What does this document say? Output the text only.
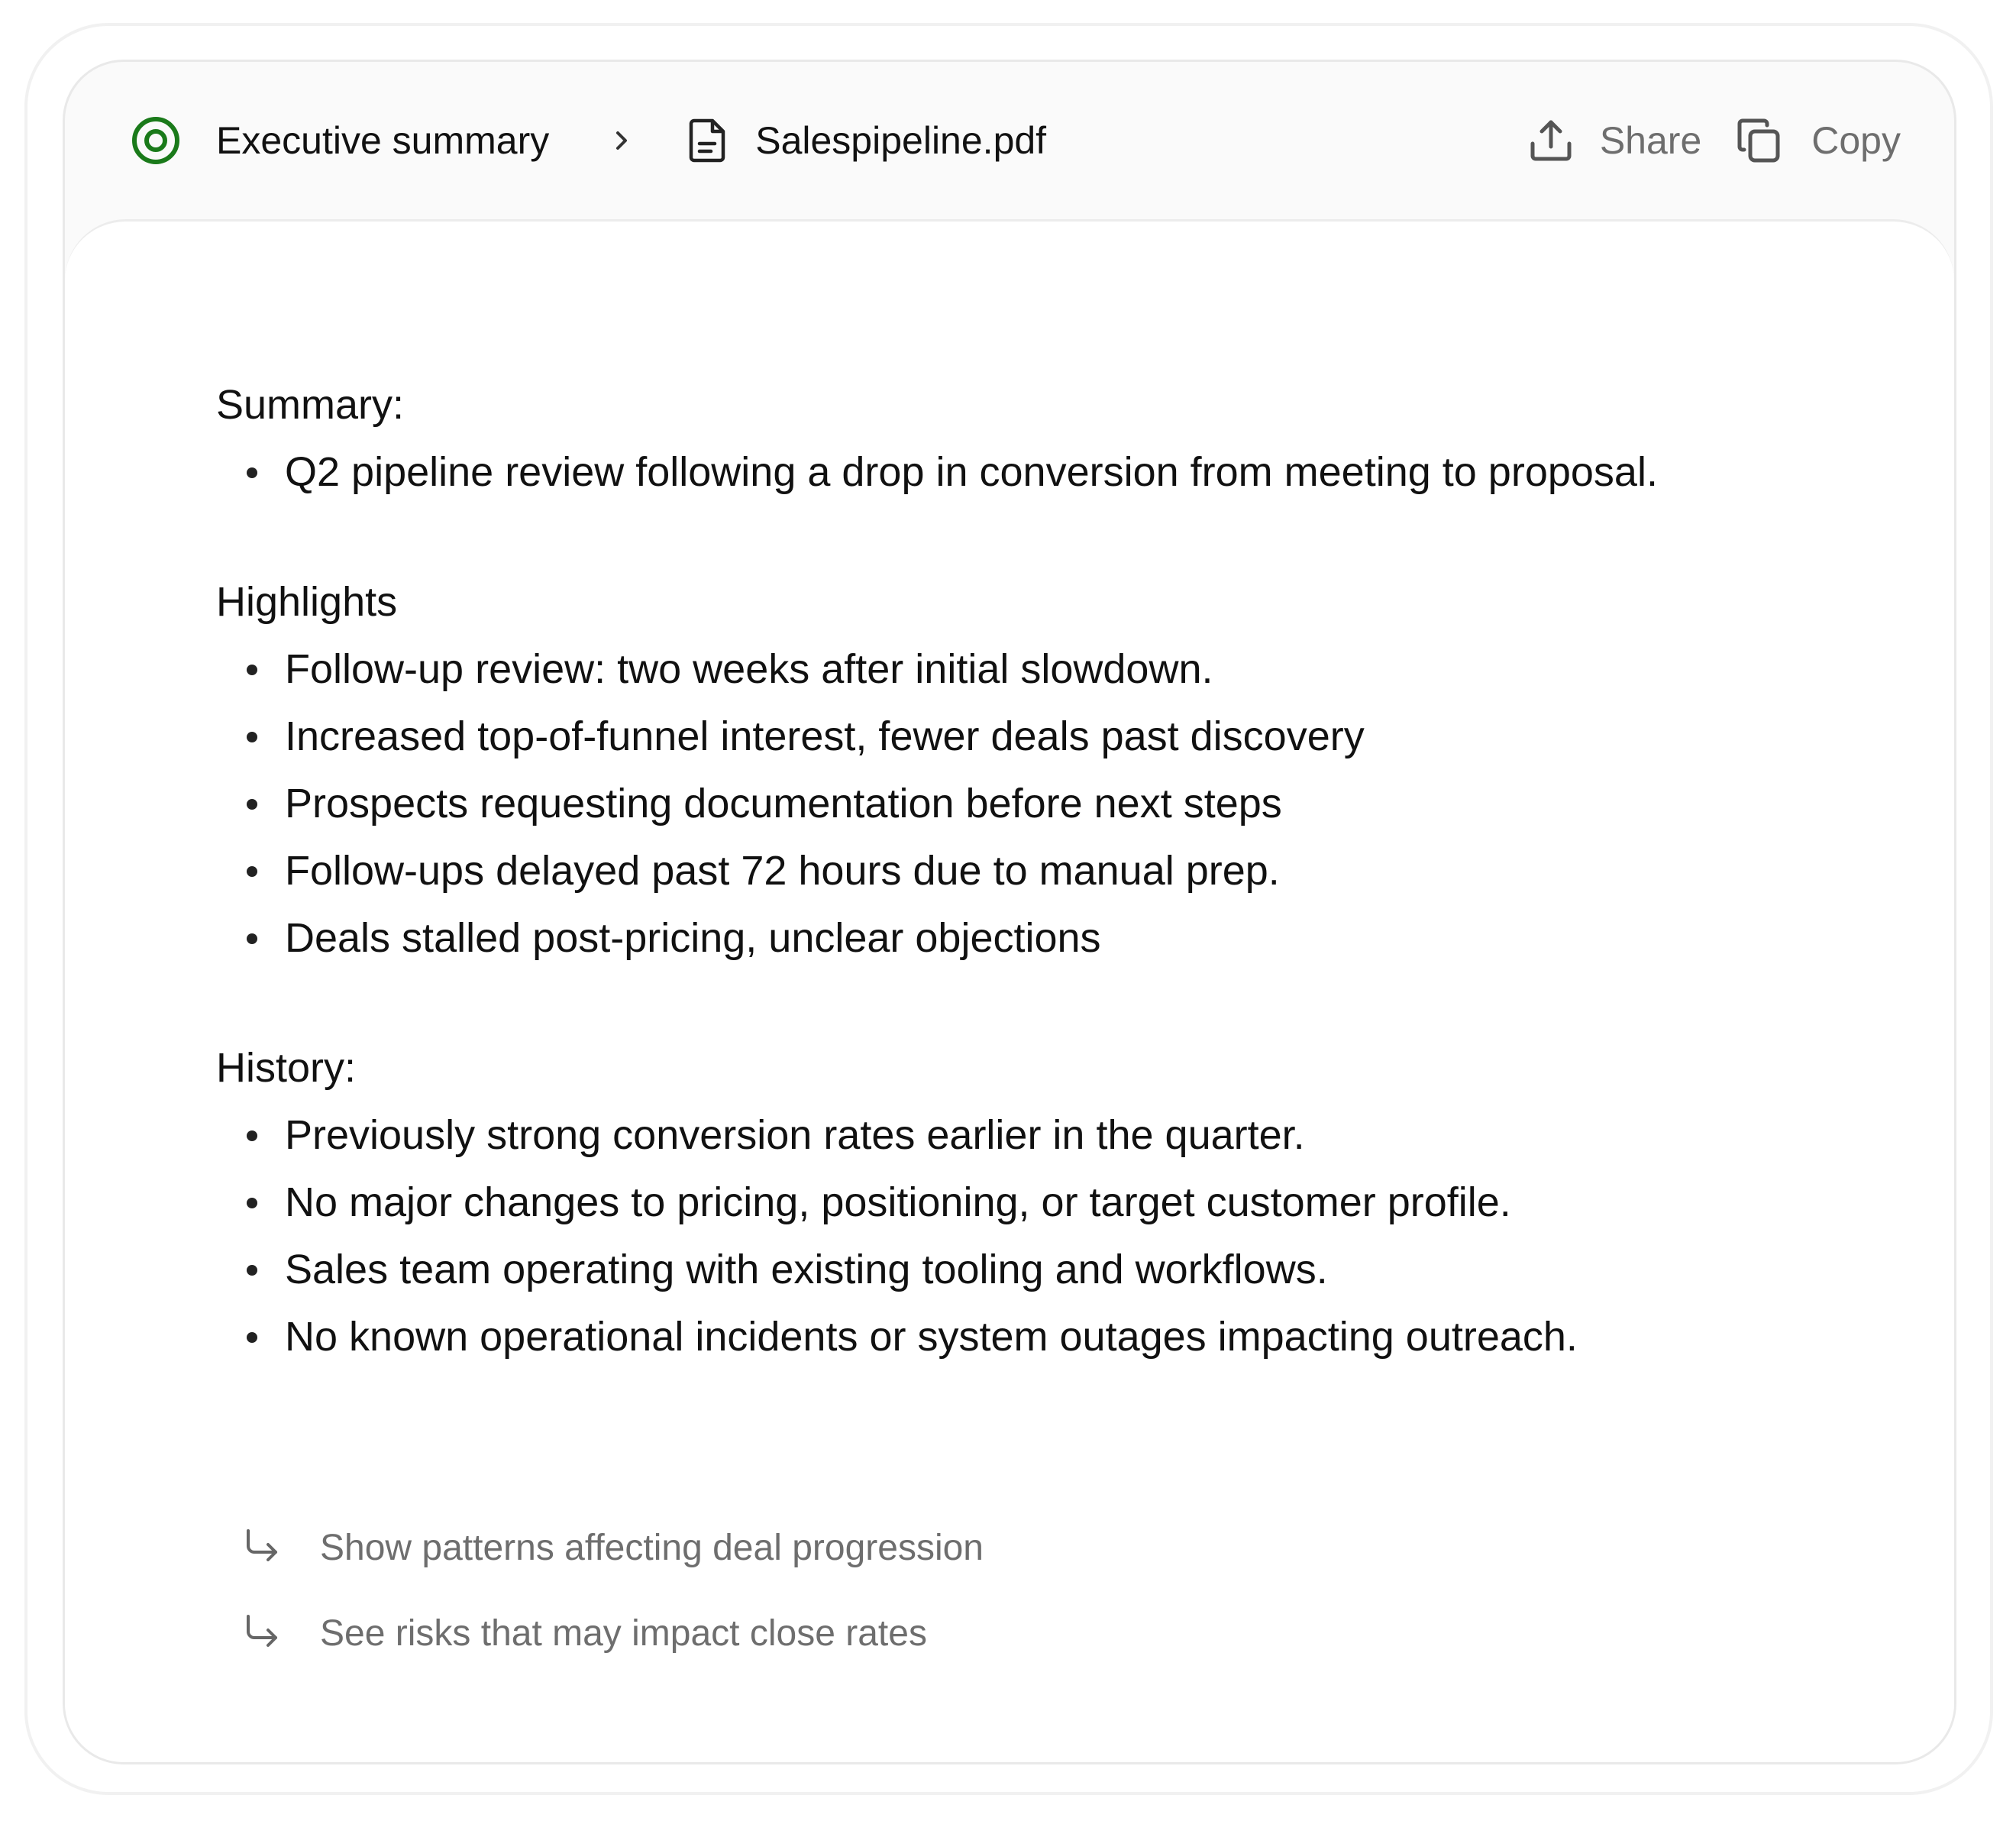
Executive summary	Salespipeline.pdf	Share	Copy
Summary:
Q2 pipeline review following a drop in conversion from meeting to proposal.
Highlights
Follow-up review: two weeks after initial slowdown.
Increased top-of-funnel interest, fewer deals past discovery
Prospects requesting documentation before next steps
Follow-ups delayed past 72 hours due to manual prep.
Deals stalled post-pricing, unclear objections
History:
Previously strong conversion rates earlier in the quarter.
No major changes to pricing, positioning, or target customer profile.
Sales team operating with existing tooling and workflows.
No known operational incidents or system outages impacting outreach.
Show patterns affecting deal progression
See risks that may impact close rates
